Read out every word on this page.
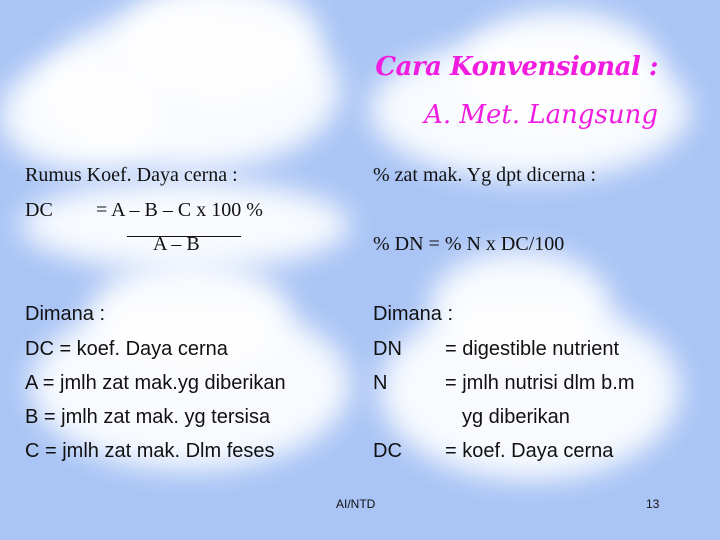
Cara Konvensional :
A. Met. Langsung
Rumus Koef. Daya cerna :
DC = A – B – C x 100 %
A – B
Dimana :
DC = koef. Daya cerna
A = jmlh zat mak.yg diberikan
B = jmlh zat mak. yg tersisa
C = jmlh zat mak. Dlm feses
% zat mak. Yg dpt dicerna :
% DN = % N x DC/100
Dimana :
DN = digestible nutrient
N	= jmlh nutrisi dlm b.m
yg diberikan
DC = koef. Daya cerna
AI/NTD	13
